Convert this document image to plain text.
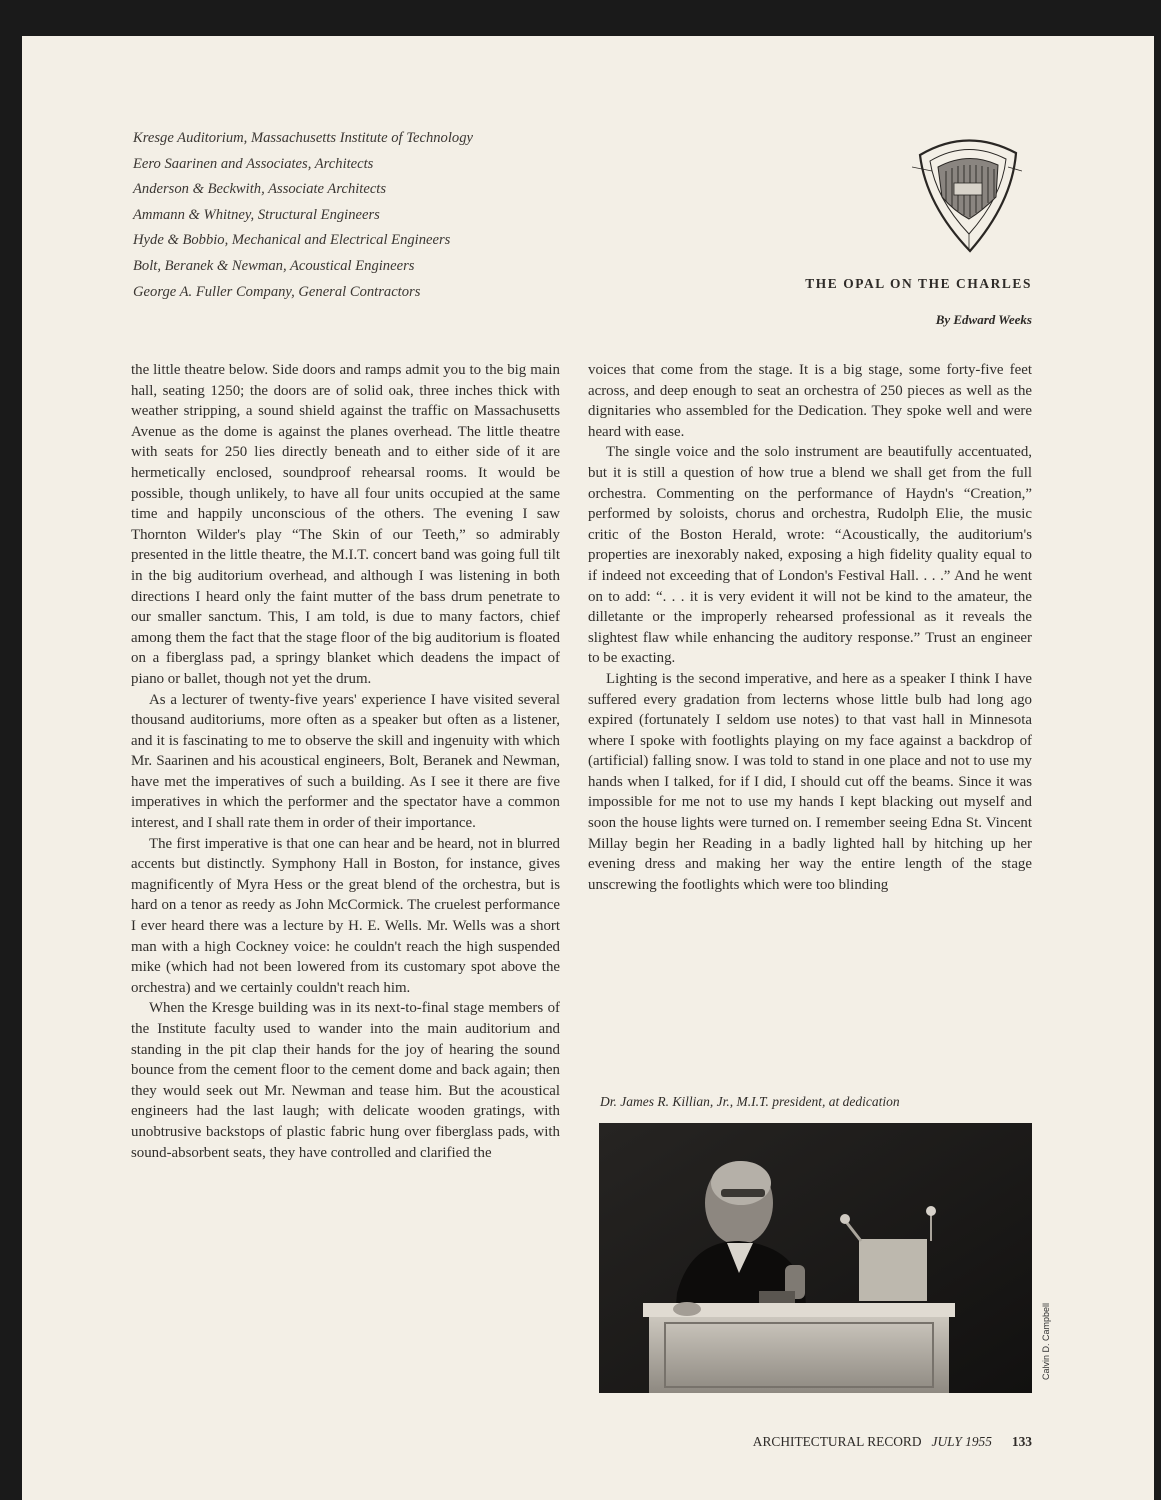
Kresge Auditorium, Massachusetts Institute of Technology

Eero Saarinen and Associates, Architects

Anderson & Beckwith, Associate Architects

Ammann & Whitney, Structural Engineers

Hyde & Bobbio, Mechanical and Electrical Engineers

Bolt, Beranek & Newman, Acoustical Engineers

George A. Fuller Company, General Contractors

THE OPAL ON THE CHARLES

By Edward Weeks

the little theatre below. Side doors and ramps admit you to the big main hall, seating 1250; the doors are of solid oak, three inches thick with weather stripping, a sound shield against the traffic on Massachusetts Avenue as the dome is against the planes overhead. The little theatre with seats for 250 lies directly beneath and to either side of it are hermetically enclosed, soundproof rehearsal rooms. It would be possible, though unlikely, to have all four units occupied at the same time and happily unconscious of the others. The evening I saw Thornton Wilder's play “The Skin of our Teeth,” so admirably presented in the little theatre, the M.I.T. concert band was going full tilt in the big auditorium overhead, and although I was listening in both directions I heard only the faint mutter of the bass drum penetrate to our smaller sanctum. This, I am told, is due to many factors, chief among them the fact that the stage floor of the big auditorium is floated on a fiberglass pad, a springy blanket which deadens the impact of piano or ballet, though not yet the drum.

As a lecturer of twenty-five years' experience I have visited several thousand auditoriums, more often as a speaker but often as a listener, and it is fascinating to me to observe the skill and ingenuity with which Mr. Saarinen and his acoustical engineers, Bolt, Beranek and Newman, have met the imperatives of such a building. As I see it there are five imperatives in which the performer and the spectator have a common interest, and I shall rate them in order of their importance.

The first imperative is that one can hear and be heard, not in blurred accents but distinctly. Symphony Hall in Boston, for instance, gives magnificently of Myra Hess or the great blend of the orchestra, but is hard on a tenor as reedy as John McCormick. The cruelest performance I ever heard there was a lecture by H. E. Wells. Mr. Wells was a short man with a high Cockney voice: he couldn't reach the high suspended mike (which had not been lowered from its customary spot above the orchestra) and we certainly couldn't reach him.

When the Kresge building was in its next-to-final stage members of the Institute faculty used to wander into the main auditorium and standing in the pit clap their hands for the joy of hearing the sound bounce from the cement floor to the cement dome and back again; then they would seek out Mr. Newman and tease him. But the acoustical engineers had the last laugh; with delicate wooden gratings, with unobtrusive backstops of plastic fabric hung over fiberglass pads, with sound-absorbent seats, they have controlled and clarified the

voices that come from the stage. It is a big stage, some forty-five feet across, and deep enough to seat an orchestra of 250 pieces as well as the dignitaries who assembled for the Dedication. They spoke well and were heard with ease.

The single voice and the solo instrument are beautifully accentuated, but it is still a question of how true a blend we shall get from the full orchestra. Commenting on the performance of Haydn's “Creation,” performed by soloists, chorus and orchestra, Rudolph Elie, the music critic of the Boston Herald, wrote: “Acoustically, the auditorium's properties are inexorably naked, exposing a high fidelity quality equal to if indeed not exceeding that of London's Festival Hall. . . .” And he went on to add: “. . . it is very evident it will not be kind to the amateur, the dilletante or the improperly rehearsed professional as it reveals the slightest flaw while enhancing the auditory response.” Trust an engineer to be exacting.

Lighting is the second imperative, and here as a speaker I think I have suffered every gradation from lecterns whose little bulb had long ago expired (fortunately I seldom use notes) to that vast hall in Minnesota where I spoke with footlights playing on my face against a backdrop of (artificial) falling snow. I was told to stand in one place and not to use my hands when I talked, for if I did, I should cut off the beams. Since it was impossible for me not to use my hands I kept blacking out myself and soon the house lights were turned on. I remember seeing Edna St. Vincent Millay begin her Reading in a badly lighted hall by hitching up her evening dress and making her way the entire length of the stage unscrewing the footlights which were too blinding

Dr. James R. Killian, Jr., M.I.T. president, at dedication

Calvin D. Campbell
ARCHITECTURAL RECORD JULY 1955 133
